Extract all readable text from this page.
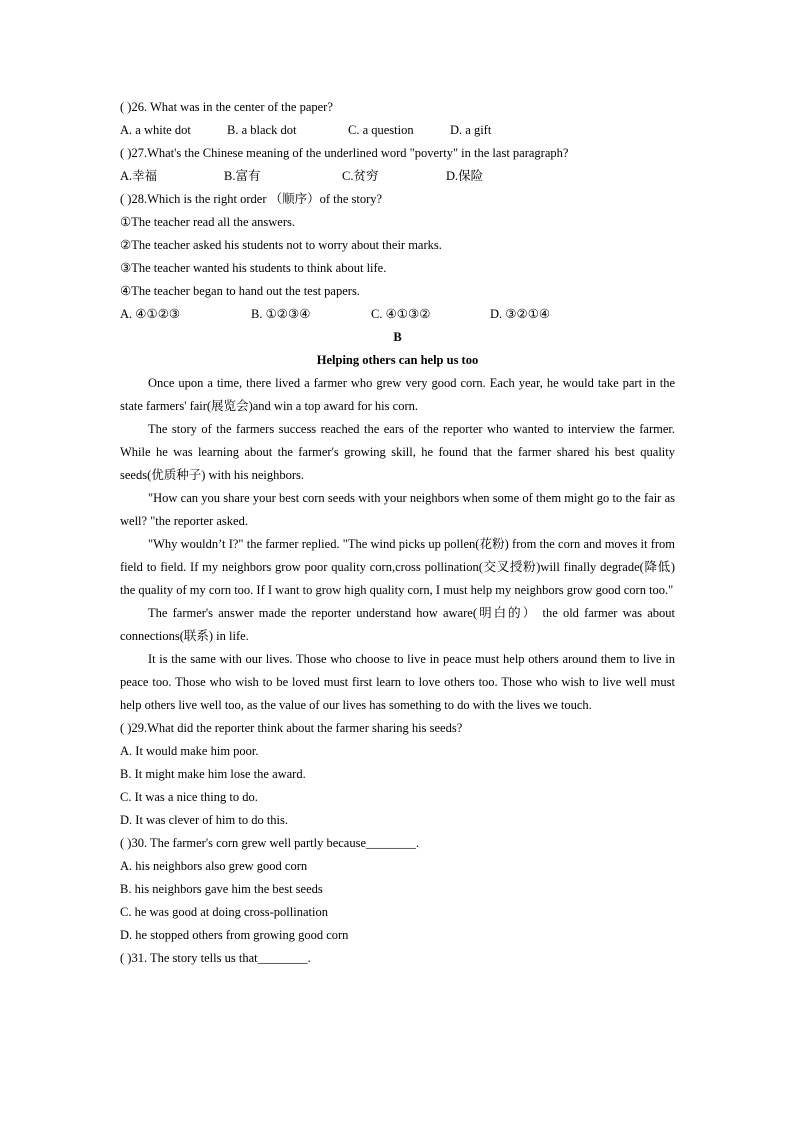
( )26. What was in the center of the paper?
A. a white dot	B. a black dot	C. a question	D. a gift
( )27.What's the Chinese meaning of the underlined word "poverty" in the last paragraph?
A.幸福	B.富有	C.贫穷	D.保险
( )28.Which is the right order （顺序）of the story?
①The teacher read all the answers.
②The teacher asked his students not to worry about their marks.
③The teacher wanted his students to think about life.
④The teacher began to hand out the test papers.
A. ④①②③	B. ①②③④	C. ④①③②	D. ③②①④
B
Helping others can help us too

Once upon a time, there lived a farmer who grew very good corn. Each year, he would take part in the state farmers' fair(展览会)and win a top award for his corn.

The story of the farmers success reached the ears of the reporter who wanted to interview the farmer. While he was learning about the farmer's growing skill, he found that the farmer shared his best quality seeds(优质种子) with his neighbors.

"How can you share your best corn seeds with your neighbors when some of them might go to the fair as well? "the reporter asked.

"Why wouldn’t I?" the farmer replied. "The wind picks up pollen(花粉) from the corn and moves it from field to field. If my neighbors grow poor quality corn,cross pollination(交叉授粉)will finally degrade(降低) the quality of my corn too. If I want to grow high quality corn, I must help my neighbors grow good corn too."

The farmer's answer made the reporter understand how aware(明白的） the old farmer was about connections(联系) in life.

It is the same with our lives. Those who choose to live in peace must help others around them to live in peace too. Those who wish to be loved must first learn to love others too. Those who wish to live well must help others live well too, as the value of our lives has something to do with the lives we touch.

( )29.What did the reporter think about the farmer sharing his seeds?
A. It would make him poor.
B. It might make him lose the award.
C. It was a nice thing to do.
D. It was clever of him to do this.
( )30. The farmer's corn grew well partly because________.
A. his neighbors also grew good corn
B. his neighbors gave him the best seeds
C. he was good at doing cross-pollination
D. he stopped others from growing good corn
( )31. The story tells us that________.
